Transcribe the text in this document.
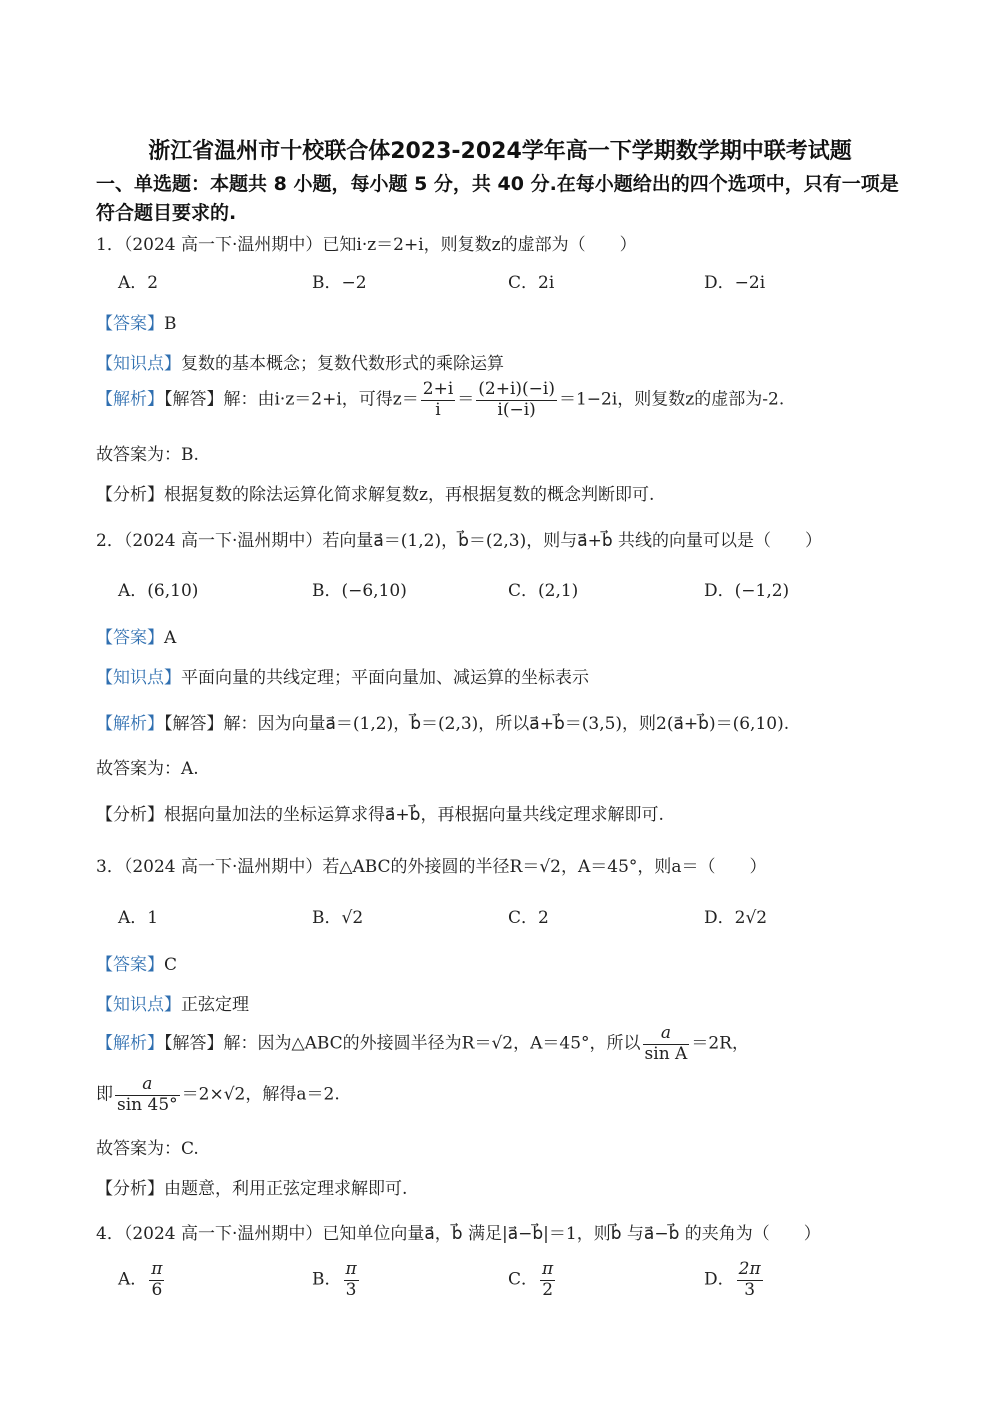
浙江省温州市十校联合体2023-2024学年高一下学期数学期中联考试题
一、单选题：本题共 8 小题，每小题 5 分，共 40 分.在每小题给出的四个选项中，只有一项是符合题目要求的.
1．（2024 高一下·温州期中）已知i·z＝2+i，则复数z的虚部为（　　）
A．2	B．−2	C．2i	D．−2i
【答案】B
【知识点】复数的基本概念；复数代数形式的乘除运算
【解析】【解答】解：由i·z＝2+i，可得$z= \frac{2+i}{i} = \frac{(2+i)(-i)}{i(-i)} =1-2i$，则复数z的虚部为-2.
故答案为：B.
【分析】根据复数的除法运算化简求解复数z，再根据复数的概念判断即可.
2．（2024 高一下·温州期中）若向量a⃗＝(1,2)，b⃗＝(2,3)，则与a⃗+b⃗ 共线的向量可以是（　　）
A．(6,10)	B．(−6,10)	C．(2,1)	D．(−1,2)
【答案】A
【知识点】平面向量的共线定理；平面向量加、减运算的坐标表示
【解析】【解答】解：因为向量a⃗＝(1,2)，b⃗＝(2,3)，所以a⃗+b⃗＝(3,5)，则2(a⃗+b⃗)＝(6,10).
故答案为：A.
【分析】根据向量加法的坐标运算求得a⃗+b⃗，再根据向量共线定理求解即可.
3．（2024 高一下·温州期中）若△ABC的外接圆的半径R＝√2，A＝45°，则a＝（　　）
A．1	B．√2	C．2	D．2√2
【答案】C
【知识点】正弦定理
【解析】【解答】解：因为△ABC的外接圆半径为R＝√2，A＝45°，所以 $\frac{a}{\text{sin A}} =2R$，
即 $\frac{a}{\sin 45^\circ} =2\times√2$，解得a＝2.
故答案为：C.
【分析】由题意，利用正弦定理求解即可.
4．（2024 高一下·温州期中）已知单位向量a⃗，b⃗ 满足|a⃗−b⃗|＝1，则b⃗ 与a⃗−b⃗ 的夹角为（　　）
A． $\frac{\pi}{6}$	B． $\frac{\pi}{3}$	C． $\frac{\pi}{2}$	D． $\frac{2\pi}{3}$
